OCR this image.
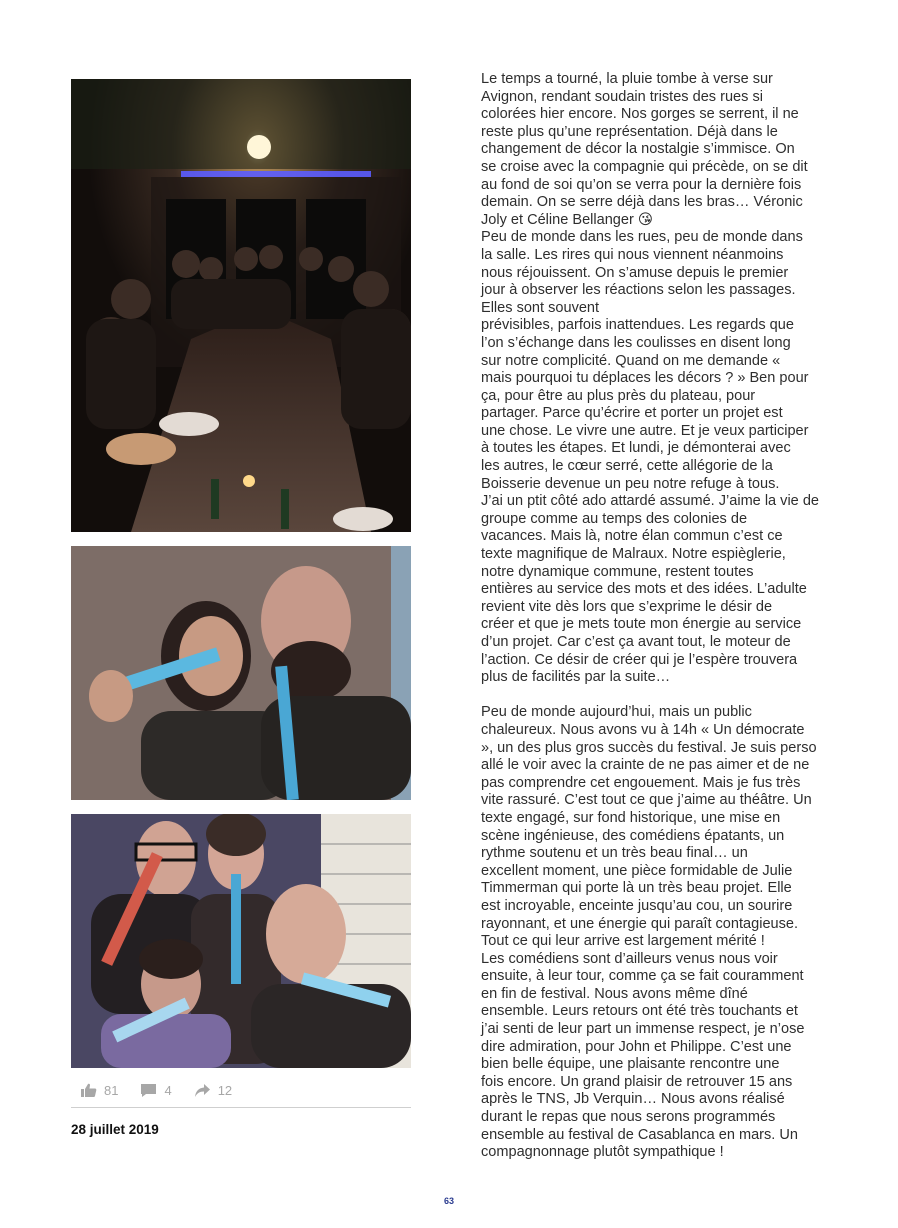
81	4	12
28 juillet 2019

Le temps a tourné, la pluie tombe à verse sur
Avignon, rendant soudain tristes des rues si
colorées hier encore. Nos gorges se serrent, il ne
reste plus qu’une représentation. Déjà dans le
changement de décor la nostalgie s’immisce. On
se croise avec la compagnie qui précède, on se dit
au fond de soi qu’on se verra pour la dernière fois
demain. On se serre déjà dans les bras… Véronic
Joly et Céline Bellanger 😘

Peu de monde dans les rues, peu de monde dans
la salle. Les rires qui nous viennent néanmoins
nous réjouissent. On s’amuse depuis le premier
jour à observer les réactions selon les passages.
Elles sont souvent
prévisibles, parfois inattendues. Les regards que
l’on s’échange dans les coulisses en disent long
sur notre complicité. Quand on me demande «
mais pourquoi tu déplaces les décors ? » Ben pour
ça, pour être au plus près du plateau, pour
partager. Parce qu’écrire et porter un projet est
une chose. Le vivre une autre. Et je veux participer
à toutes les étapes. Et lundi, je démonterai avec
les autres, le cœur serré, cette allégorie de la
Boisserie devenue un peu notre refuge à tous.

J’ai un ptit côté ado attardé assumé. J’aime la vie de
groupe comme au temps des colonies de
vacances. Mais là, notre élan commun c’est ce
texte magnifique de Malraux. Notre espièglerie,
notre dynamique commune, restent toutes
entières au service des mots et des idées. L’adulte
revient vite dès lors que s’exprime le désir de
créer et que je mets toute mon énergie au service
d’un projet. Car c’est ça avant tout, le moteur de
l’action. Ce désir de créer qui je l’espère trouvera
plus de facilités par la suite…

Peu de monde aujourd’hui, mais un public
chaleureux. Nous avons vu à 14h « Un démocrate
», un des plus gros succès du festival. Je suis perso
allé le voir avec la crainte de ne pas aimer et de ne
pas comprendre cet engouement. Mais je fus très
vite rassuré. C’est tout ce que j’aime au théâtre. Un
texte engagé, sur fond historique, une mise en
scène ingénieuse, des comédiens épatants, un
rythme soutenu et un très beau final… un
excellent moment, une pièce formidable de Julie
Timmerman qui porte là un très beau projet. Elle
est incroyable, enceinte jusqu’au cou, un sourire
rayonnant, et une énergie qui paraît contagieuse.
Tout ce qui leur arrive est largement mérité !

Les comédiens sont d’ailleurs venus nous voir
ensuite, à leur tour, comme ça se fait couramment
en fin de festival. Nous avons même dîné
ensemble. Leurs retours ont été très touchants et
j’ai senti de leur part un immense respect, je n’ose
dire admiration, pour John et Philippe. C’est une
bien belle équipe, une plaisante rencontre une
fois encore. Un grand plaisir de retrouver 15 ans
après le TNS, Jb Verquin… Nous avons réalisé
durant le repas que nous serons programmés
ensemble au festival de Casablanca en mars. Un
compagnonnage plutôt sympathique !

63
